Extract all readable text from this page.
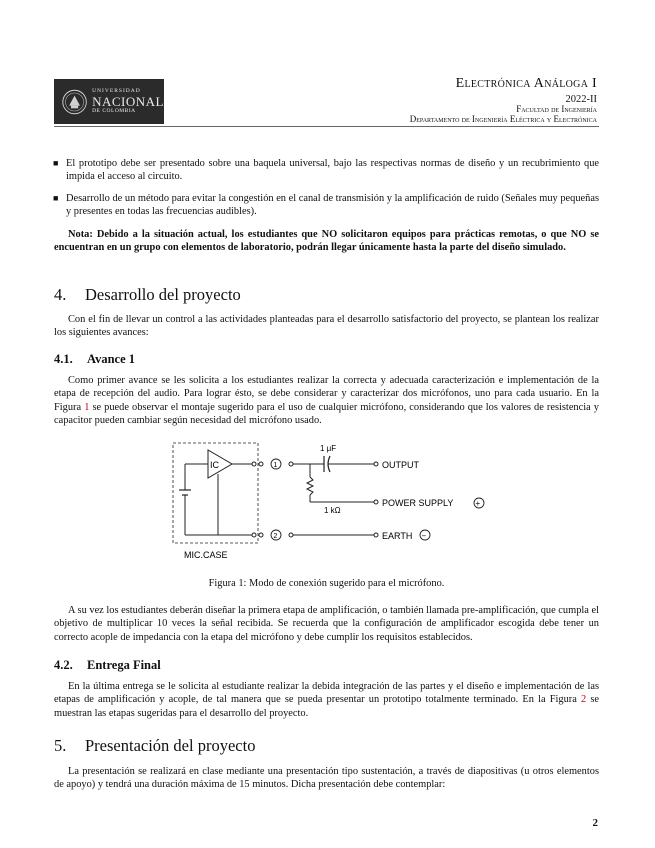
UNIVERSIDAD
NACIONAL
DE COLOMBIA
Electrónica Análoga I
2022-II
Facultad de Ingeniería
Departamento de Ingeniería Eléctrica y Electrónica
■ El prototipo debe ser presentado sobre una baquela universal, bajo las respectivas normas de diseño y un recubrimiento que impida el acceso al circuito.
■ Desarrollo de un método para evitar la congestión en el canal de transmisión y la amplificación de ruido (Señales muy pequeñas y presentes en todas las frecuencias audibles).
Nota: Debido a la situación actual, los estudiantes que NO solicitaron equipos para prácticas remotas, o que NO se encuentran en un grupo con elementos de laboratorio, podrán llegar únicamente hasta la parte del diseño simulado.
4. Desarrollo del proyecto
Con el fin de llevar un control a las actividades planteadas para el desarrollo satisfactorio del proyecto, se plantean los realizar los siguientes avances:
4.1. Avance 1
Como primer avance se les solicita a los estudiantes realizar la correcta y adecuada caracterización e implementación de la etapa de recepción del audio. Para lograr ésto, se debe considerar y caracterizar dos micrófonos, uno para cada usuario. En la Figura 1 se puede observar el montaje sugerido para el uso de cualquier micrófono, considerando que los valores de resistencia y capacitor pueden cambiar según necesidad del micrófono usado.
IC	1
1 μF
OUTPUT
1 kΩ
POWER SUPPLY	+
2	EARTH −
MIC.CASE
Figura 1: Modo de conexión sugerido para el micrófono.
A su vez los estudiantes deberán diseñar la primera etapa de amplificación, o también llamada pre-amplificación, que cumpla el objetivo de multiplicar 10 veces la señal recibida. Se recuerda que la configuración de amplificador escogida debe tener un correcto acople de impedancia con la etapa del micrófono y debe cumplir los requisitos establecidos.
4.2. Entrega Final
En la última entrega se le solicita al estudiante realizar la debida integración de las partes y el diseño e implementación de las etapas de amplificación y acople, de tal manera que se pueda presentar un prototipo totalmente terminado. En la Figura 2 se muestran las etapas sugeridas para el desarrollo del proyecto.
5. Presentación del proyecto
La presentación se realizará en clase mediante una presentación tipo sustentación, a través de diapositivas (u otros elementos de apoyo) y tendrá una duración máxima de 15 minutos. Dicha presentación debe contemplar:
2
